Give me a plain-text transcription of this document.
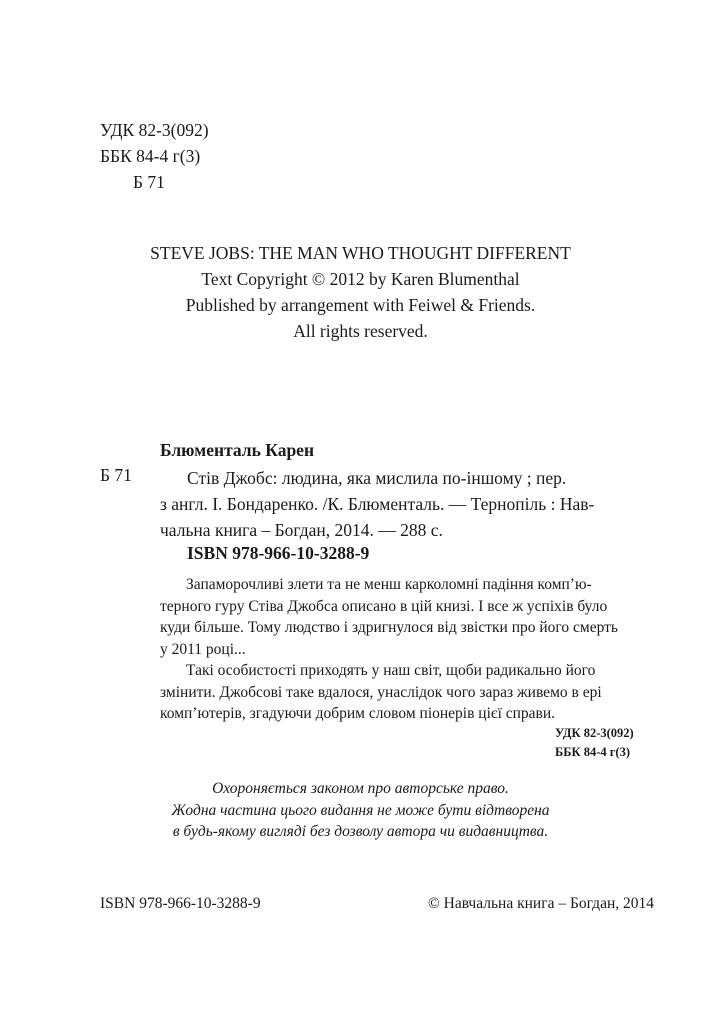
УДК 82-3(092)
ББК 84-4 г(3)
Б 71
STEVE JOBS: THE MAN WHO THOUGHT DIFFERENT
Text Copyright © 2012 by Karen Blumenthal
Published by arrangement with Feiwel & Friends.
All rights reserved.
Блюменталь Карен
Б 71	Стів Джобс: людина, яка мислила по-іншому ; пер.
з англ. І. Бондаренко. /К. Блюменталь. — Тернопіль : Нав-
чальна книга – Богдан, 2014. — 288 с.
ISBN 978-966-10-3288-9
Запаморочливі злети та не менш карколомні падіння комп’ю-
терного гуру Стіва Джобса описано в цій книзі. І все ж успіхів було
куди більше. Тому людство і здригнулося від звістки про його смерть
у 2011 році...
Такі особистості приходять у наш світ, щоби радикально його
змінити. Джобсові таке вдалося, унаслідок чого зараз живемо в ері
комп’ютерів, згадуючи добрим словом піонерів цієї справи.
УДК 82-3(092)
ББК 84-4 г(3)
Охороняється законом про авторське право.
Жодна частина цього видання не може бути відтворена
в будь-якому вигляді без дозволу автора чи видавництва.
ISBN 978-966-10-3288-9	© Навчальна книга – Богдан, 2014
